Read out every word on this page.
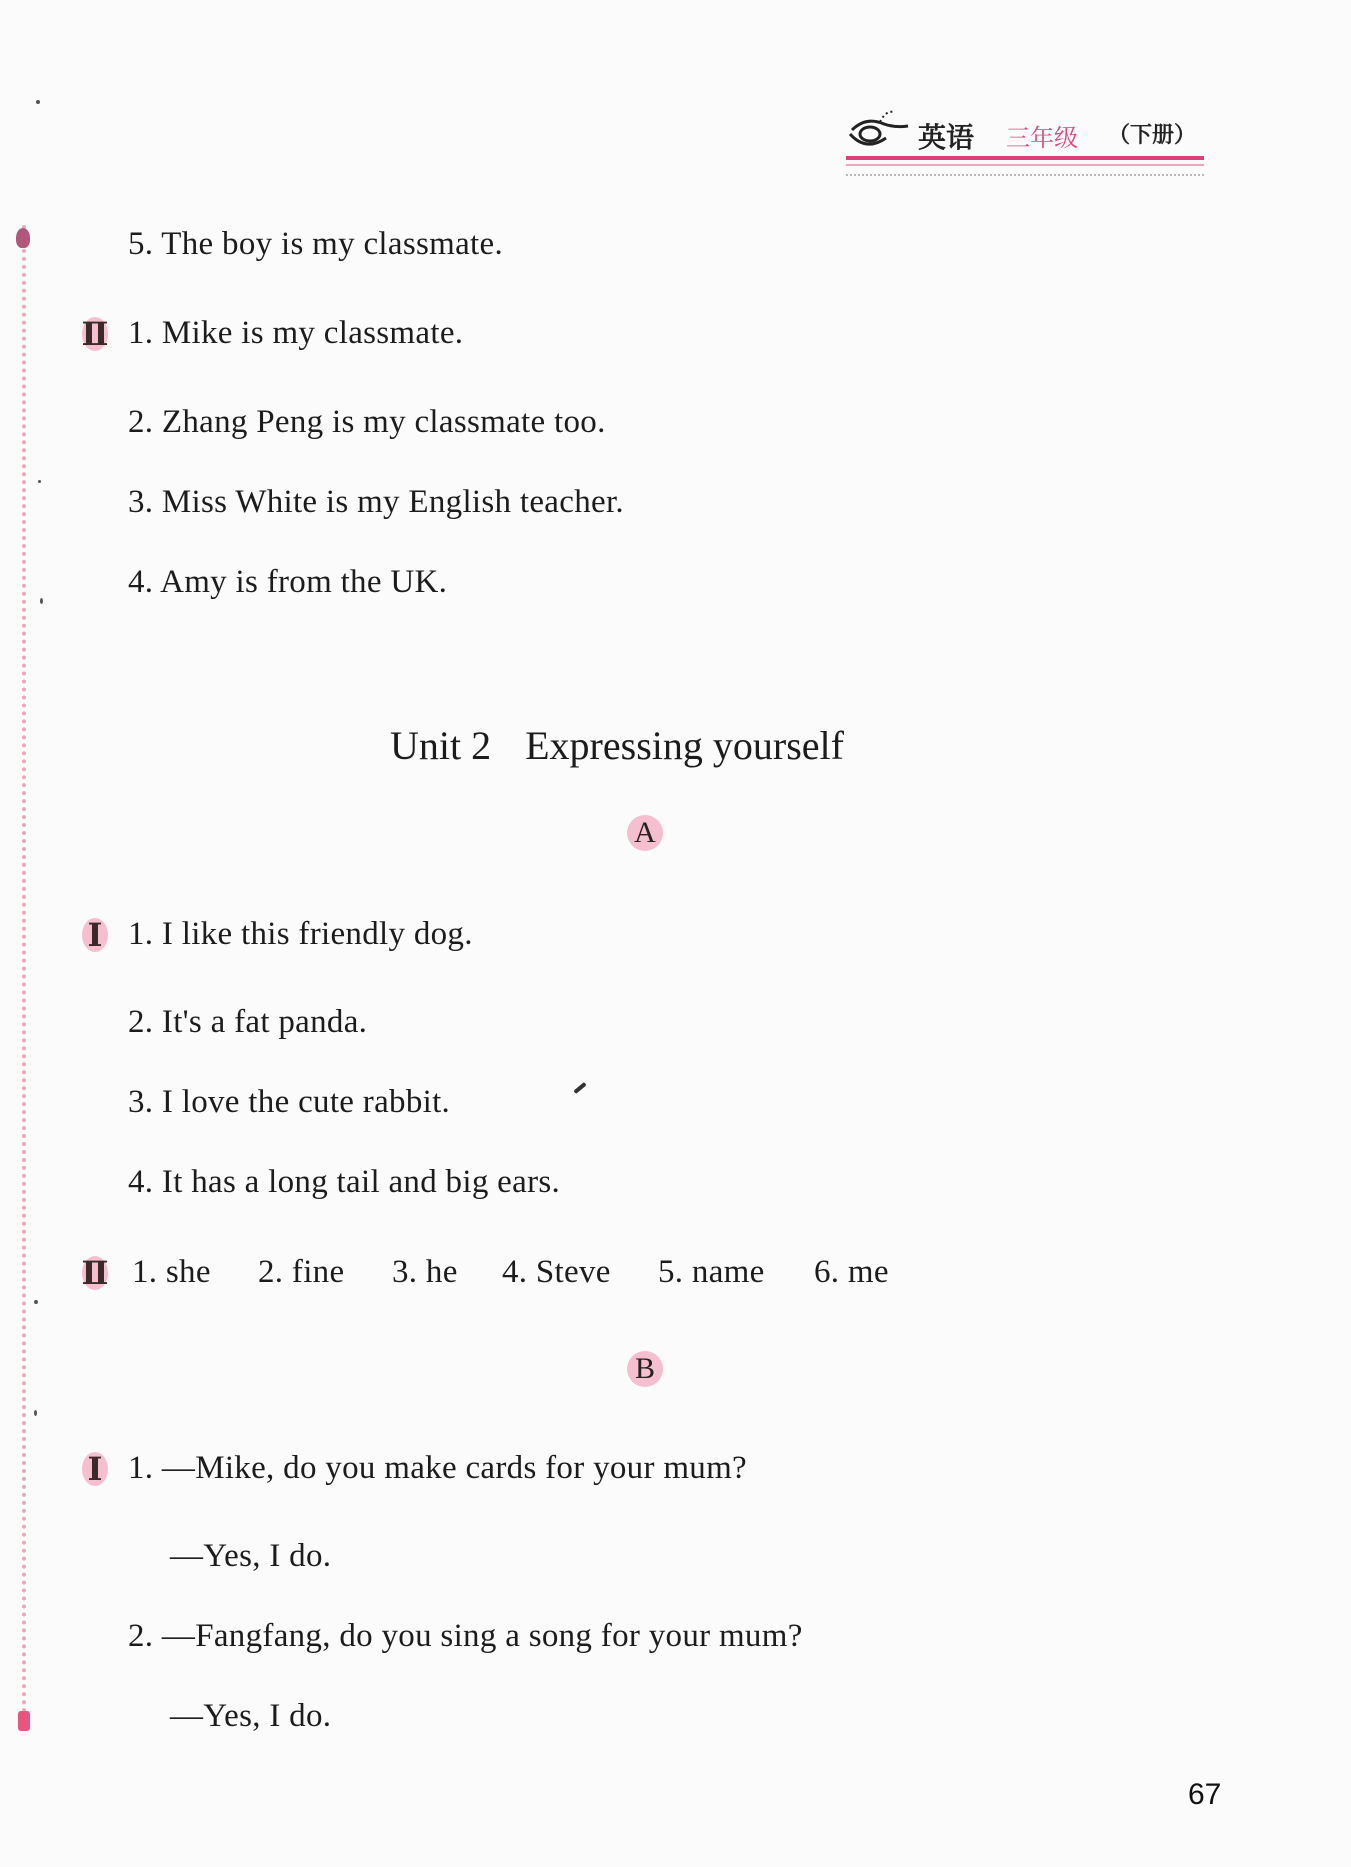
英语 三年级 （下册）
5. The boy is my classmate.
Ⅱ 1. Mike is my classmate.
2. Zhang Peng is my classmate too.
3. Miss White is my English teacher.
4. Amy is from the UK.
Unit 2 Expressing yourself
A
Ⅰ 1. I like this friendly dog.
2. It's a fat panda.
3. I love the cute rabbit.
4. It has a long tail and big ears.
Ⅱ 1. she 2. fine 3. he 4. Steve 5. name 6. me
B
Ⅰ 1. —Mike, do you make cards for your mum?
—Yes, I do.
2. —Fangfang, do you sing a song for your mum?
—Yes, I do.
67
